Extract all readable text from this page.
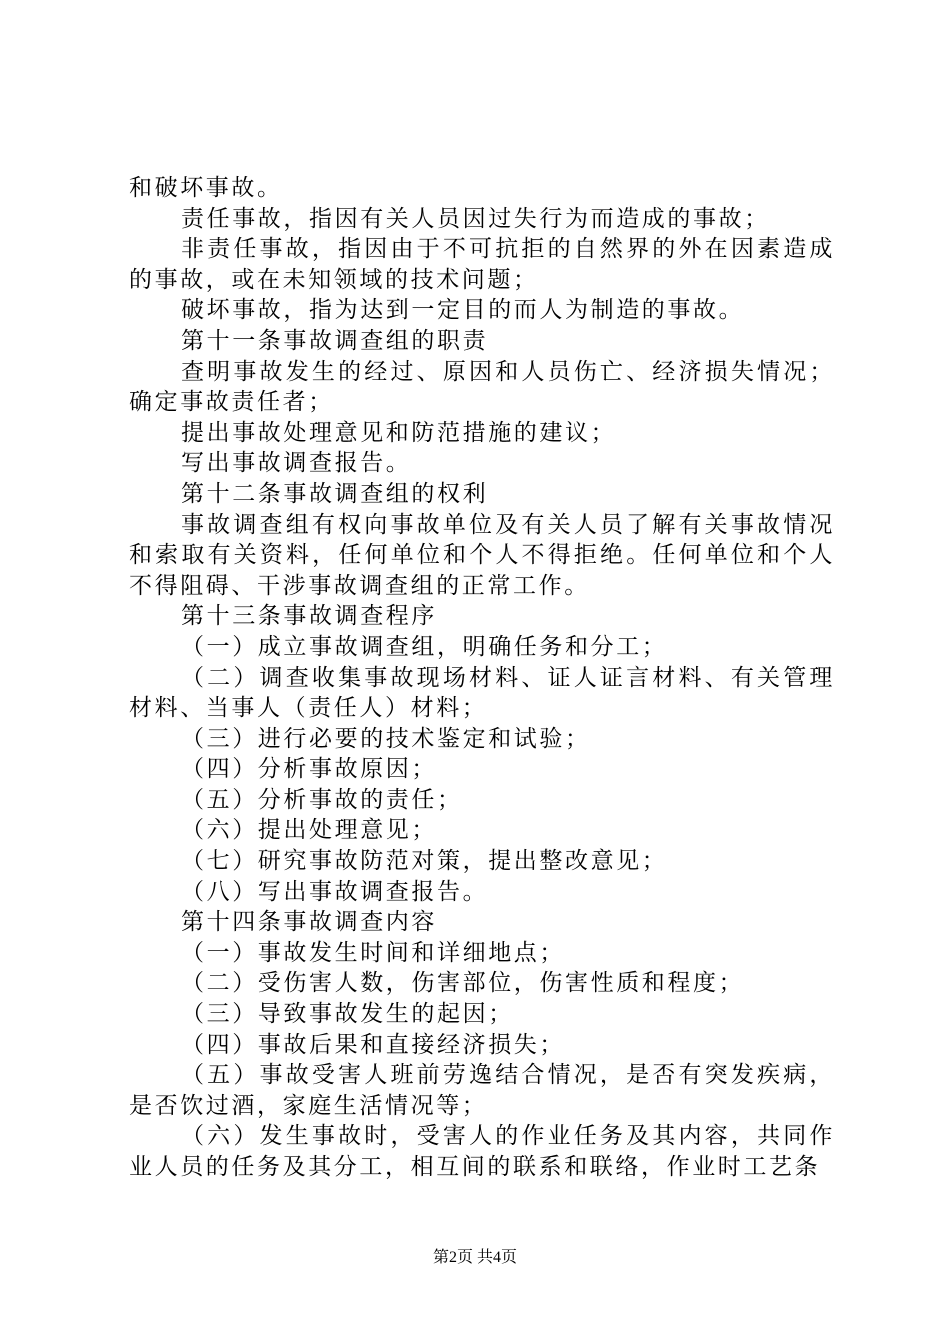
和破坏事故。

责任事故，指因有关人员因过失行为而造成的事故；

非责任事故，指因由于不可抗拒的自然界的外在因素造成的事故，或在未知领域的技术问题；

破坏事故，指为达到一定目的而人为制造的事故。

第十一条事故调查组的职责

查明事故发生的经过、原因和人员伤亡、经济损失情况；确定事故责任者；

提出事故处理意见和防范措施的建议；

写出事故调查报告。

第十二条事故调查组的权利

事故调查组有权向事故单位及有关人员了解有关事故情况和索取有关资料，任何单位和个人不得拒绝。任何单位和个人不得阻碍、干涉事故调查组的正常工作。

第十三条事故调查程序

（一）成立事故调查组，明确任务和分工；

（二）调查收集事故现场材料、证人证言材料、有关管理材料、当事人（责任人）材料；

（三）进行必要的技术鉴定和试验；

（四）分析事故原因；

（五）分析事故的责任；

（六）提出处理意见；

（七）研究事故防范对策，提出整改意见；

（八）写出事故调查报告。

第十四条事故调查内容

（一）事故发生时间和详细地点；

（二）受伤害人数，伤害部位，伤害性质和程度；

（三）导致事故发生的起因；

（四）事故后果和直接经济损失；

（五）事故受害人班前劳逸结合情况，是否有突发疾病，是否饮过酒，家庭生活情况等；

（六）发生事故时，受害人的作业任务及其内容，共同作业人员的任务及其分工，相互间的联系和联络，作业时工艺条

第2页 共4页
